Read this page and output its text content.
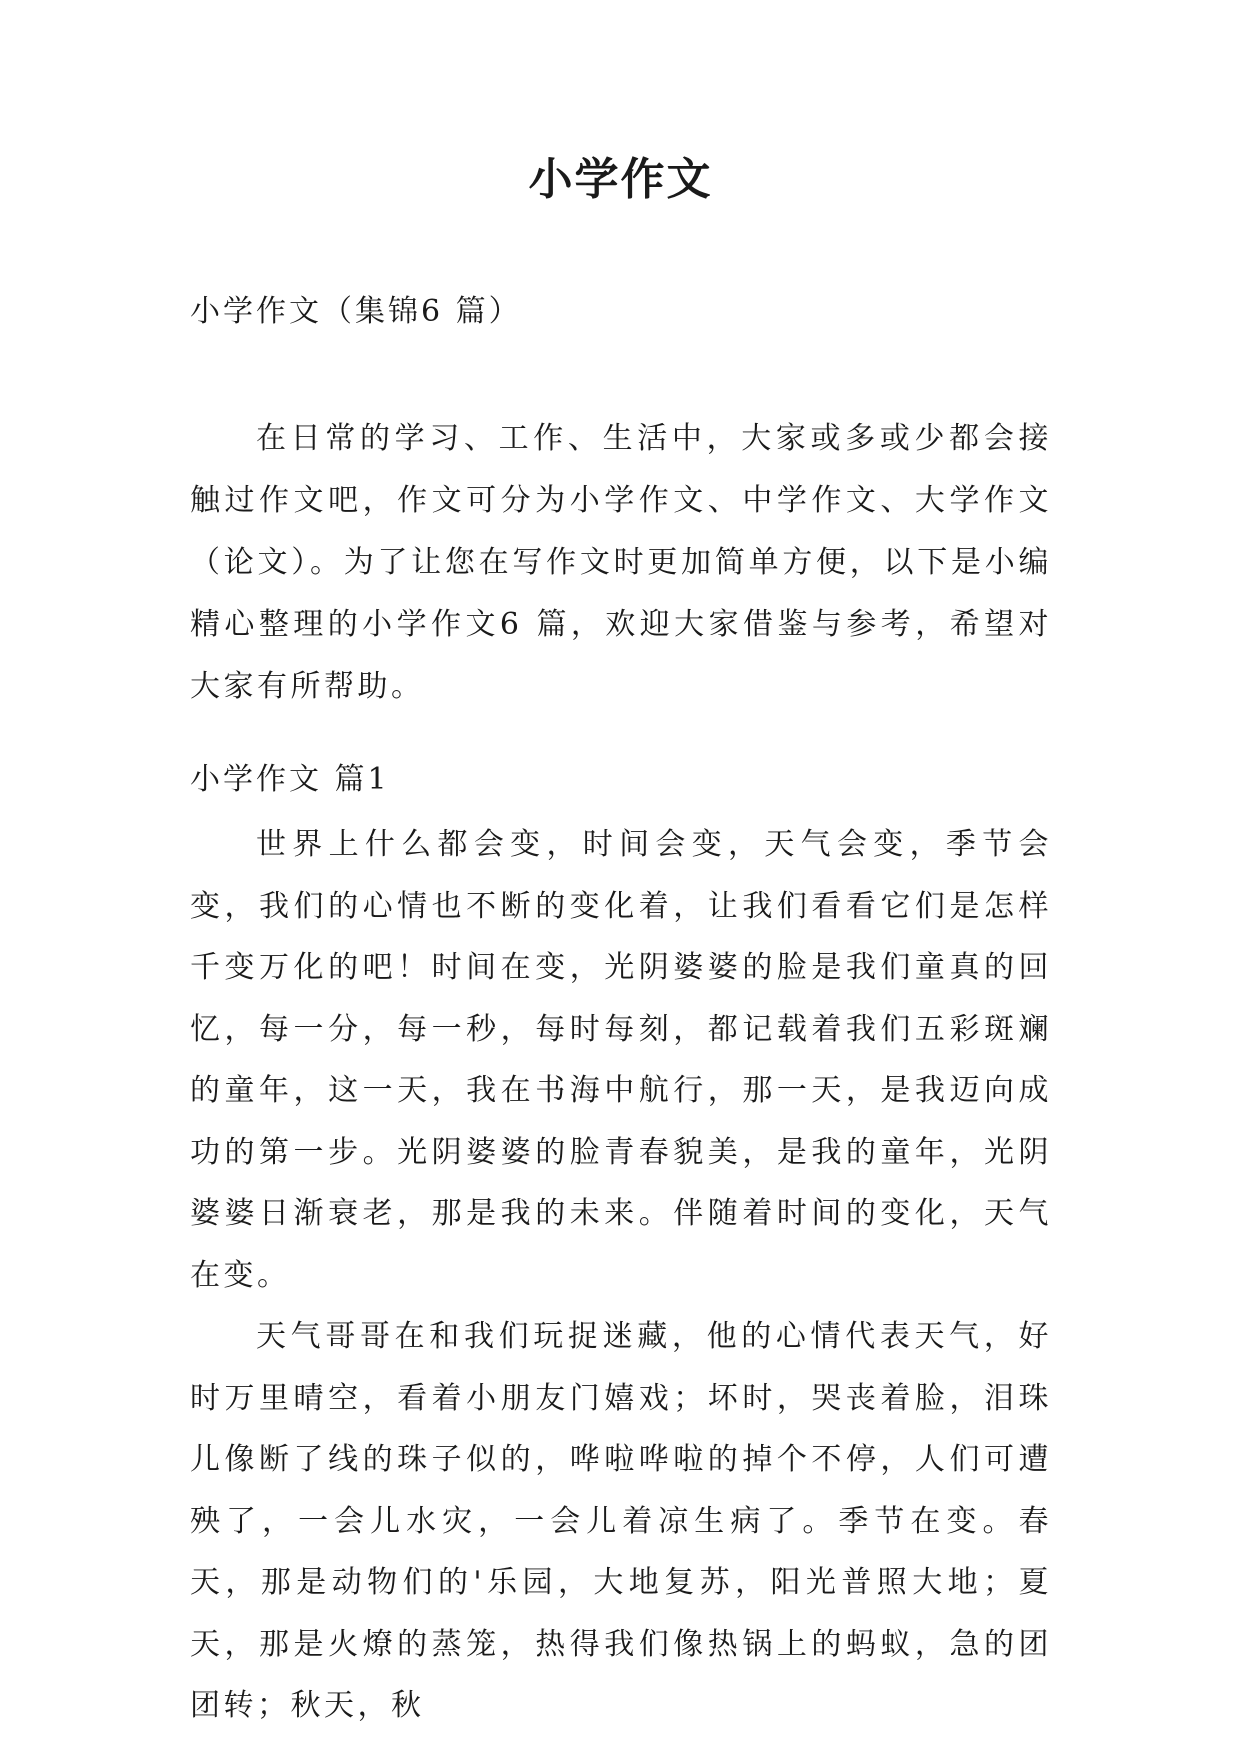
小学作文
小学作文（集锦6 篇）

在日常的学习、工作、生活中，大家或多或少都会接触过作文吧，作文可分为小学作文、中学作文、大学作文（论文）。为了让您在写作文时更加简单方便，以下是小编精心整理的小学作文6 篇，欢迎大家借鉴与参考，希望对大家有所帮助。

小学作文 篇1

世界上什么都会变，时间会变，天气会变，季节会变，我们的心情也不断的变化着，让我们看看它们是怎样千变万化的吧！时间在变，光阴婆婆的脸是我们童真的回忆，每一分，每一秒，每时每刻，都记载着我们五彩斑斓的童年，这一天，我在书海中航行，那一天，是我迈向成功的第一步。光阴婆婆的脸青春貌美，是我的童年，光阴婆婆日渐衰老，那是我的未来。伴随着时间的变化，天气在变。

天气哥哥在和我们玩捉迷藏，他的心情代表天气，好时万里晴空，看着小朋友门嬉戏；坏时，哭丧着脸，泪珠儿像断了线的珠子似的，哗啦哗啦的掉个不停，人们可遭殃了，一会儿水灾，一会儿着凉生病了。季节在变。春天，那是动物们的'乐园，大地复苏，阳光普照大地；夏天，那是火燎的蒸笼，热得我们像热锅上的蚂蚁，急的团团转；秋天，秋
